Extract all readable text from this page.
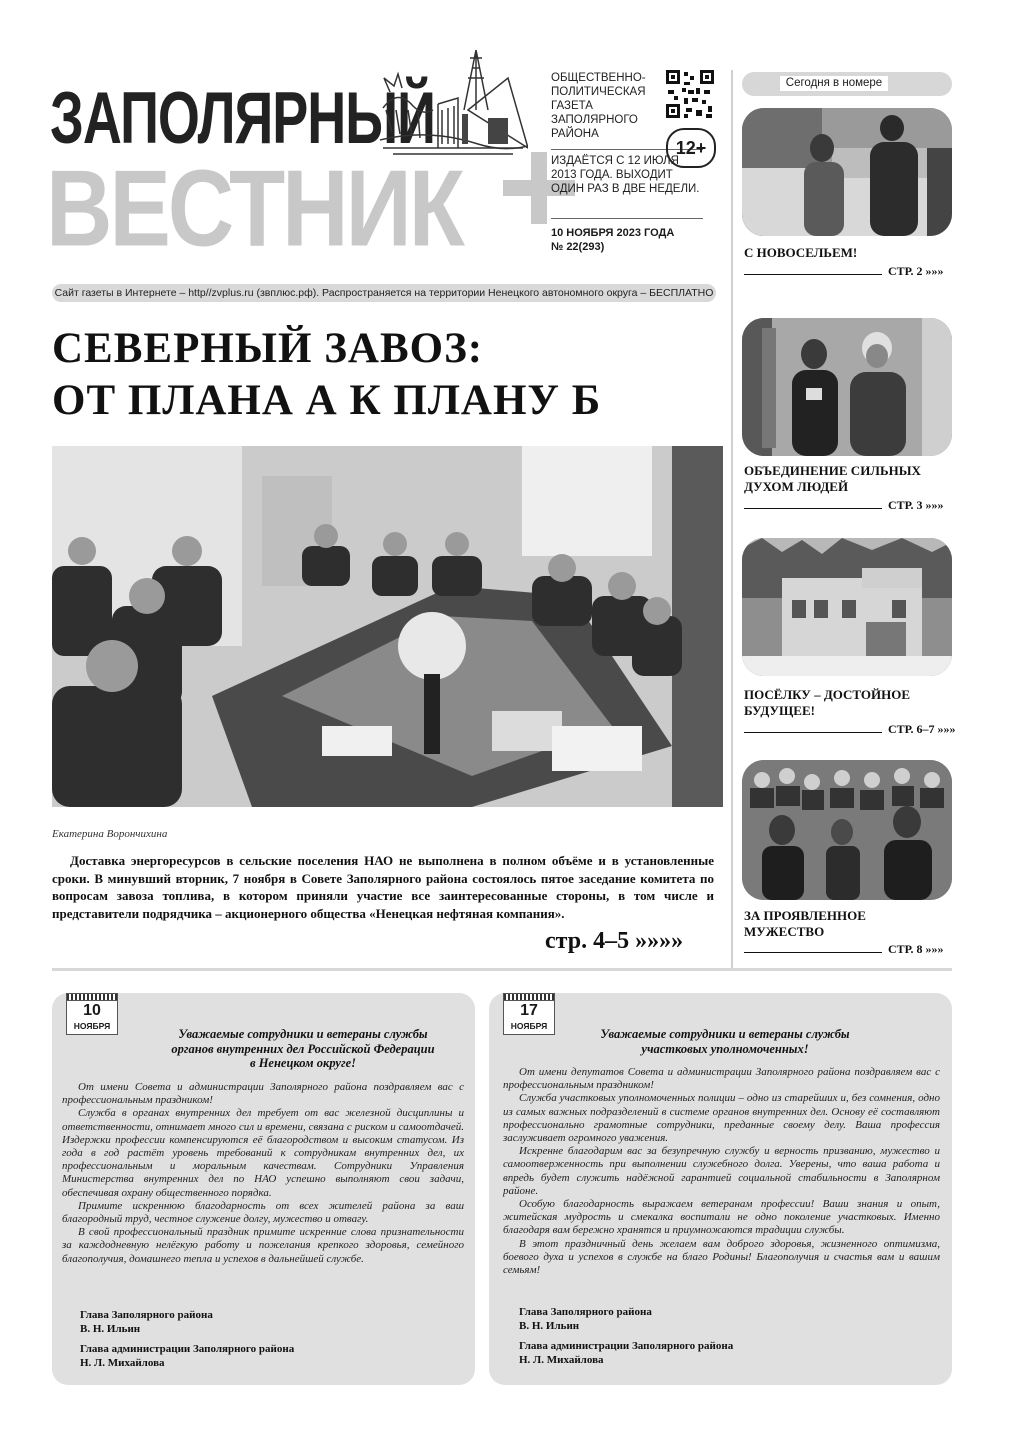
ЗАПОЛЯРНЫЙ
ВЕСТНИК
ОБЩЕСТВЕННО-ПОЛИТИЧЕСКАЯ ГАЗЕТА ЗАПОЛЯРНОГО РАЙОНА
ИЗДАЁТСЯ С 12 ИЮЛЯ 2013 ГОДА. ВЫХОДИТ ОДИН РАЗ В ДВЕ НЕДЕЛИ.
12+
10 НОЯБРЯ 2023 ГОДА
№ 22(293)
Сайт газеты в Интернете – http//zvplus.ru (звплюс.рф). Распространяется на территории Ненецкого автономного округа – БЕСПЛАТНО
Сегодня в номере
С НОВОСЕЛЬЕМ!
СТР. 2 »»»
ОБЪЕДИНЕНИЕ СИЛЬНЫХ ДУХОМ ЛЮДЕЙ
СТР. 3 »»»
ПОСЁЛКУ – ДОСТОЙНОЕ БУДУЩЕЕ!
СТР. 6–7 »»»
ЗА ПРОЯВЛЕННОЕ МУЖЕСТВО
СТР. 8 »»»
СЕВЕРНЫЙ ЗАВОЗ:
ОТ ПЛАНА А К ПЛАНУ Б
Екатерина Ворончихина

Доставка энергоресурсов в сельские поселения НАО не выполнена в полном объёме и в установленные сроки. В минувший вторник, 7 ноября в Совете Заполярного района состоялось пятое заседание комитета по вопросам завоза топлива, в котором приняли участие все заинтересованные стороны, в том числе и представители подрядчика – акционерного общества «Ненецкая нефтяная компания».

стр. 4–5 »»»»
10
НОЯБРЯ
Уважаемые сотрудники и ветераны службы органов внутренних дел Российской Федерации в Ненецком округе!

От имени Совета и администрации Заполярного района поздравляем вас с профессиональным праздником!

Служба в органах внутренних дел требует от вас железной дисциплины и ответственности, отнимает много сил и времени, связана с риском и самоотдачей. Издержки профессии компенсируются её благородством и высоким статусом. Из года в год растёт уровень требований к сотрудникам внутренних дел, их профессиональным и моральным качествам. Сотрудники Управления Министерства внутренних дел по НАО успешно выполняют свои задачи, обеспечивая охрану общественного порядка.

Примите искреннюю благодарность от всех жителей района за ваш благородный труд, честное служение долгу, мужество и отвагу.

В свой профессиональный праздник примите искренние слова признательности за каждодневную нелёгкую работу и пожелания крепкого здоровья, семейного благополучия, домашнего тепла и успехов в дальнейшей службе.

Глава Заполярного района
В. Н. Ильин
Глава администрации Заполярного района
Н. Л. Михайлова
17
НОЯБРЯ
Уважаемые сотрудники и ветераны службы участковых уполномоченных!

От имени депутатов Совета и администрации Заполярного района поздравляем вас с профессиональным праздником!

Служба участковых уполномоченных полиции – одно из старейших и, без сомнения, одно из самых важных подразделений в системе органов внутренних дел. Основу её составляют профессионально грамотные сотрудники, преданные своему делу. Ваша профессия заслуживает огромного уважения.

Искренне благодарим вас за безупречную службу и верность призванию, мужество и самоотверженность при выполнении служебного долга. Уверены, что ваша работа и впредь будет служить надёжной гарантией социальной стабильности в Заполярном районе.

Особую благодарность выражаем ветеранам профессии! Ваши знания и опыт, житейская мудрость и смекалка воспитали не одно поколение участковых. Именно благодаря вам бережно хранятся и приумножаются традиции службы.

В этот праздничный день желаем вам доброго здоровья, жизненного оптимизма, боевого духа и успехов в службе на благо Родины! Благополучия и счастья вам и вашим семьям!

Глава Заполярного района
В. Н. Ильин
Глава администрации Заполярного района
Н. Л. Михайлова
